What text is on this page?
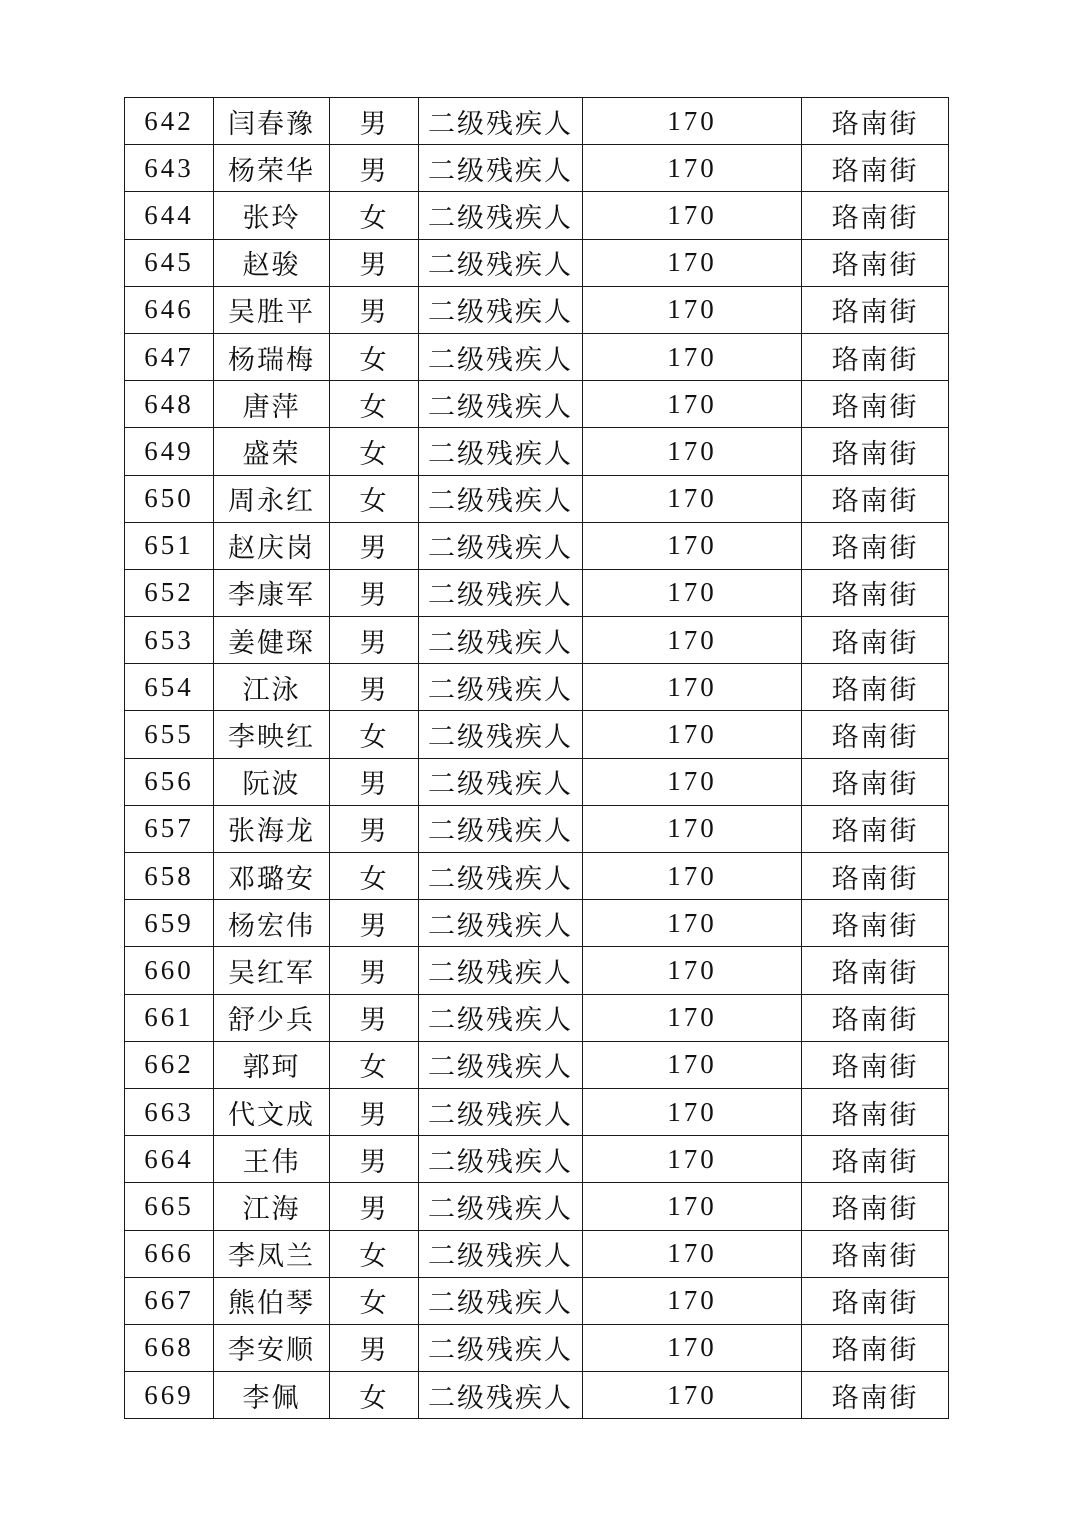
642	闫春豫	男	二级残疾人	170	珞南街
643	杨荣华	男	二级残疾人	170	珞南街
644	张玲	女	二级残疾人	170	珞南街
645	赵骏	男	二级残疾人	170	珞南街
646	吴胜平	男	二级残疾人	170	珞南街
647	杨瑞梅	女	二级残疾人	170	珞南街
648	唐萍	女	二级残疾人	170	珞南街
649	盛荣	女	二级残疾人	170	珞南街
650	周永红	女	二级残疾人	170	珞南街
651	赵庆岗	男	二级残疾人	170	珞南街
652	李康军	男	二级残疾人	170	珞南街
653	姜健琛	男	二级残疾人	170	珞南街
654	江泳	男	二级残疾人	170	珞南街
655	李映红	女	二级残疾人	170	珞南街
656	阮波	男	二级残疾人	170	珞南街
657	张海龙	男	二级残疾人	170	珞南街
658	邓璐安	女	二级残疾人	170	珞南街
659	杨宏伟	男	二级残疾人	170	珞南街
660	吴红军	男	二级残疾人	170	珞南街
661	舒少兵	男	二级残疾人	170	珞南街
662	郭珂	女	二级残疾人	170	珞南街
663	代文成	男	二级残疾人	170	珞南街
664	王伟	男	二级残疾人	170	珞南街
665	江海	男	二级残疾人	170	珞南街
666	李凤兰	女	二级残疾人	170	珞南街
667	熊伯琴	女	二级残疾人	170	珞南街
668	李安顺	男	二级残疾人	170	珞南街
669	李佩	女	二级残疾人	170	珞南街
